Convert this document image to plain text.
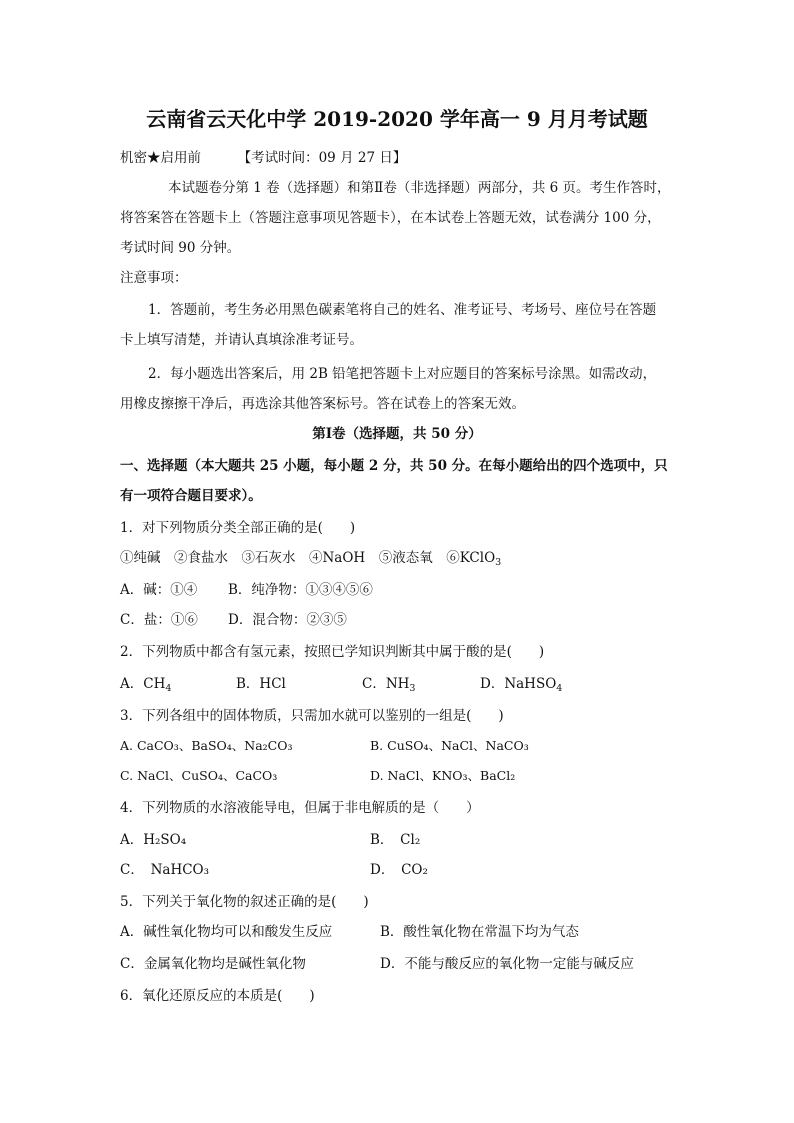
云南省云天化中学 2019-2020 学年高一 9 月月考试题
机密★启用前	【考试时间：09 月 27 日】
本试题卷分第 1 卷（选择题）和第Ⅱ卷（非选择题）两部分，共 6 页。考生作答时，
将答案答在答题卡上（答题注意事项见答题卡），在本试卷上答题无效，试卷满分 100 分，
考试时间 90 分钟。
注意事项：
1．答题前，考生务必用黑色碳素笔将自己的姓名、准考证号、考场号、座位号在答题
卡上填写清楚，并请认真填涂准考证号。
2．每小题选出答案后，用 2B 铅笔把答题卡上对应题目的答案标号涂黑。如需改动，
用橡皮擦擦干净后，再选涂其他答案标号。答在试卷上的答案无效。
第Ⅰ卷（选择题，共 50 分）
一、选择题（本大题共 25 小题，每小题 2 分，共 50 分。在每小题给出的四个选项中，只
有一项符合题目要求）。
1．对下列物质分类全部正确的是(　　)
①纯碱　②食盐水　③石灰水　④NaOH　⑤液态氧　⑥KClO$_3$
A．碱：①④ B．纯净物：①③④⑤⑥
C．盐：①⑥ D．混合物：②③⑤
2．下列物质中都含有氢元素，按照已学知识判断其中属于酸的是(　　)
A．$CH_4$	B．HCl	C．$NH_3$	D．NaHSO$_4$
3．下列各组中的固体物质，只需加水就可以鉴别的一组是(　　)
A. CaCO₃、BaSO₄、Na₂CO₃	B. CuSO₄、NaCl、NaCO₃
C. NaCl、CuSO₄、CaCO₃	D. NaCl、KNO₃、BaCl₂
4．下列物质的水溶液能导电，但属于非电解质的是（　　）
A．H₂SO₄	B．　Cl₂
C．　NaHCO₃	D．　CO₂
5．下列关于氧化物的叙述正确的是(　　)
A．碱性氧化物均可以和酸发生反应	B．酸性氧化物在常温下均为气态
C．金属氧化物均是碱性氧化物	D．不能与酸反应的氧化物一定能与碱反应
6．氧化还原反应的本质是(　　)
